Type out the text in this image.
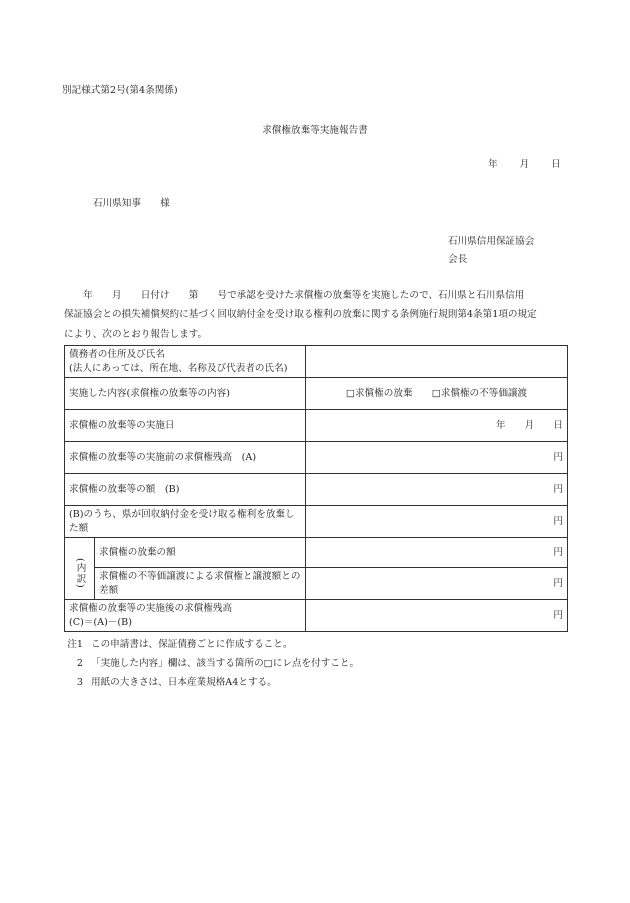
別記様式第2号(第4条関係)
求償権放棄等実施報告書
年 月 日
石川県知事　　様
石川県信用保証協会
会長

　　年　　月　　日付け　　第　　号で承認を受けた求償権の放棄等を実施したので、石川県と石川県信用

保証協会との損失補償契約に基づく回収納付金を受け取る権利の放棄に関する条例施行規則第4条第1項の規定

により、次のとおり報告します。

債務者の住所及び氏名
(法人にあっては、所在地、名称及び代表者の氏名)		
実施した内容(求償権の放棄等の内容)		□求償権の放棄　　□求償権の不等価譲渡
求償権の放棄等の実施日		年　　月　　日
求償権の放棄等の実施前の求償権残高　(A)		円
求償権の放棄等の額　(B)		円
(B)のうち、県が回収納付金を受け取る権利を放棄した額		円

(内訳)	求償権の放棄の額	円
	求償権の不等価譲渡による求償権と譲渡額との差額	円
求償権の放棄等の実施後の求償権残高
(C)＝(A)－(B)		円
注1 この申請書は、保証債務ごとに作成すること。
2 「実施した内容」欄は、該当する箇所の□にレ点を付すこと。
3 用紙の大きさは、日本産業規格A4とする。
